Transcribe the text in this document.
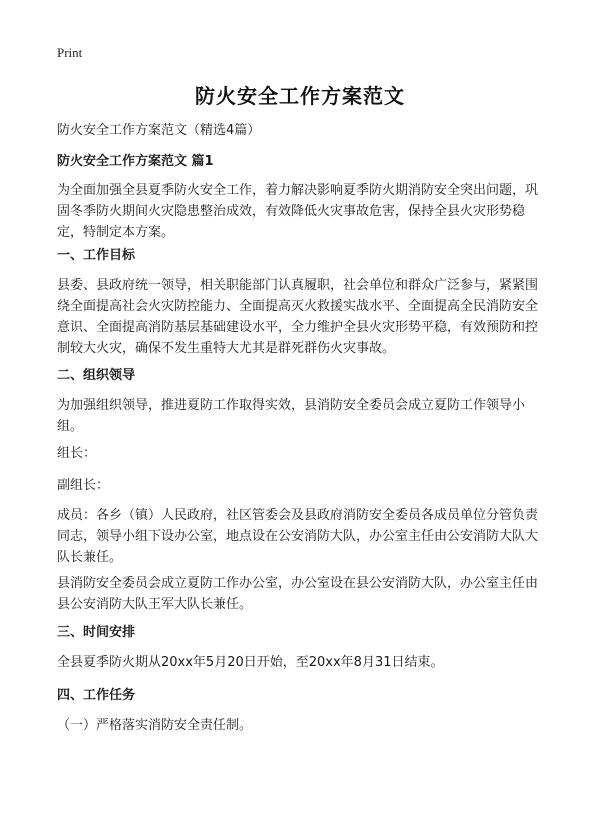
Print
防火安全工作方案范文
防火安全工作方案范文（精选4篇）
防火安全工作方案范文 篇1
为全面加强全县夏季防火安全工作，着力解决影响夏季防火期消防安全突出问题，巩固冬季防火期间火灾隐患整治成效，有效降低火灾事故危害，保持全县火灾形势稳定，特制定本方案。
一、工作目标
县委、县政府统一领导，相关职能部门认真履职，社会单位和群众广泛参与，紧紧围绕全面提高社会火灾防控能力、全面提高灭火救援实战水平、全面提高全民消防安全意识、全面提高消防基层基础建设水平，全力维护全县火灾形势平稳，有效预防和控制较大火灾，确保不发生重特大尤其是群死群伤火灾事故。
二、组织领导
为加强组织领导，推进夏防工作取得实效，县消防安全委员会成立夏防工作领导小组。
组长：
副组长：
成员：各乡（镇）人民政府，社区管委会及县政府消防安全委员各成员单位分管负责同志，领导小组下设办公室，地点设在公安消防大队，办公室主任由公安消防大队大队长兼任。
县消防安全委员会成立夏防工作办公室，办公室设在县公安消防大队，办公室主任由县公安消防大队王军大队长兼任。
三、时间安排
全县夏季防火期从20xx年5月20日开始，至20xx年8月31日结束。
四、工作任务
（一）严格落实消防安全责任制。
